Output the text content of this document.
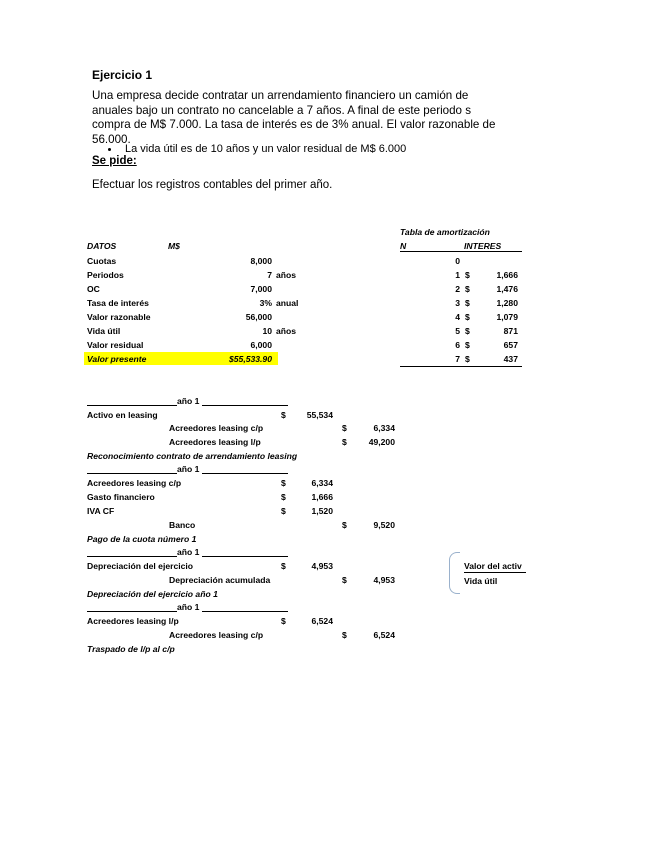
Ejercicio 1
Una empresa decide contratar un arrendamiento financiero un camión de
anuales bajo un contrato no cancelable a 7 años. A final de este periodo s
compra de M$ 7.000. La tasa de interés es de 3% anual. El valor razonable de
56.000.
La vida útil es de 10 años y un valor residual de M$ 6.000
Se pide:
Efectuar los registros contables del primer año.
DATOS	M$
Cuotas	8,000
Periodos	7 años
OC	7,000
Tasa de interés	3% anual
Valor razonable	56,000
Vida útil	10 años
Valor residual	6,000
Valor presente	$55,533.90
Tabla de amortización
N	INTERES
0
1 $	1,666
2 $	1,476
3 $	1,280
4 $	1,079
5 $	871
6 $	657
7 $	437
año 1
Activo en leasing	$	55,534
Acreedores leasing c/p	$	6,334
Acreedores leasing l/p	$	49,200
Reconocimiento contrato de arrendamiento leasing
año 1
Acreedores leasing c/p	$	6,334
Gasto financiero	$	1,666
IVA CF	$	1,520
Banco	$	9,520
Pago de la cuota número 1
año 1
Depreciación del ejercicio	$	4,953
Depreciación acumulada	$	4,953
Depreciación del ejercicio año 1
año 1
Acreedores leasing l/p	$	6,524
Acreedores leasing c/p	$	6,524
Traspado de l/p al c/p
Valor del activ
Vida útil
